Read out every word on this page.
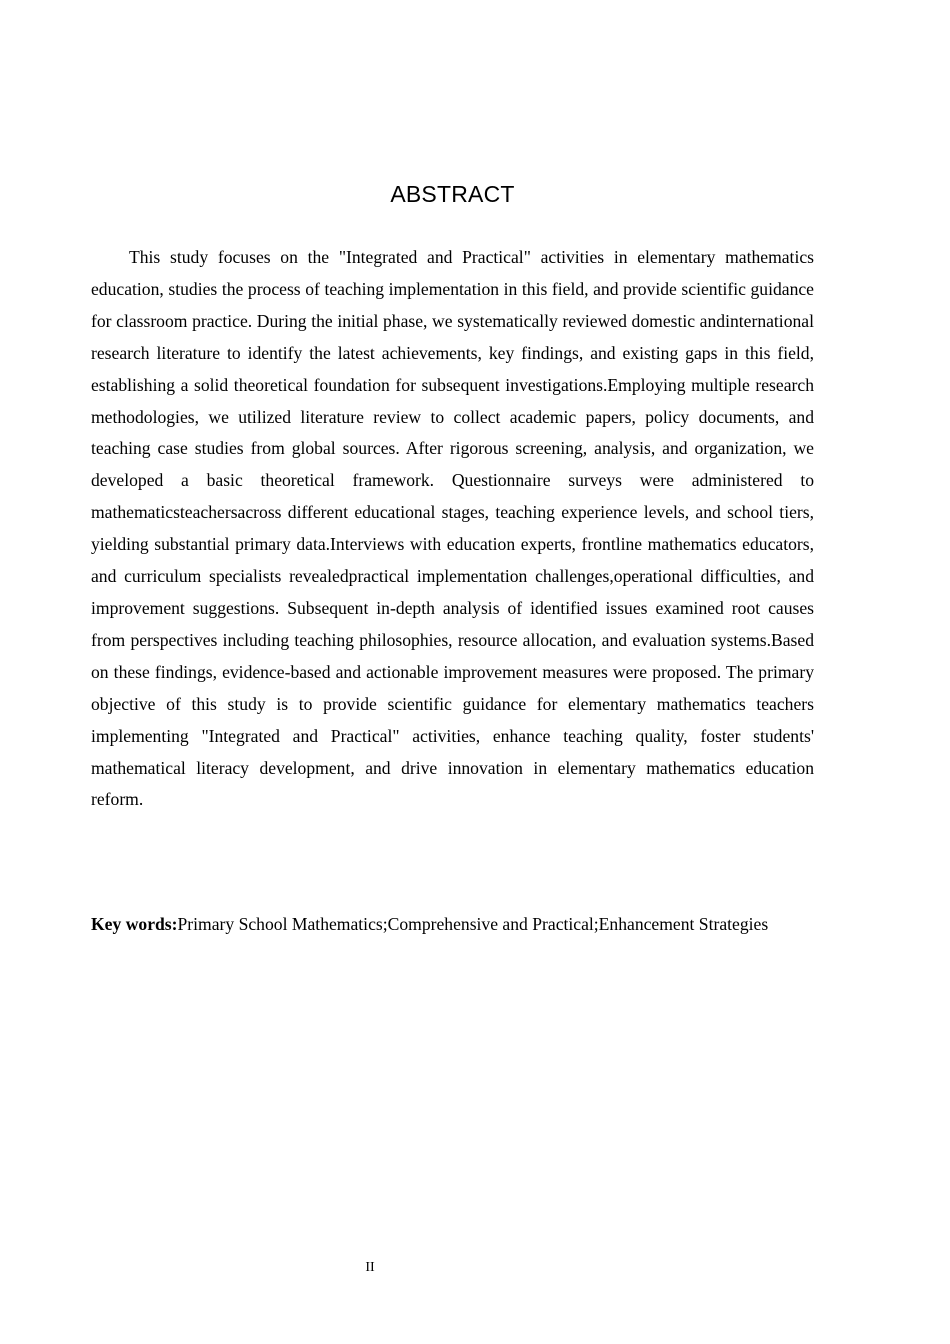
ABSTRACT

This study focuses on the "Integrated and Practical" activities in elementary mathematics education, studies the process of teaching implementation in this field, and provide scientific guidance for classroom practice. During the initial phase, we systematically reviewed domestic andinternational research literature to identify the latest achievements, key findings, and existing gaps in this field, establishing a solid theoretical foundation for subsequent investigations.Employing multiple research methodologies, we utilized literature review to collect academic papers, policy documents, and teaching case studies from global sources. After rigorous screening, analysis, and organization, we developed a basic theoretical framework. Questionnaire surveys were administered to mathematicsteachersacross different educational stages, teaching experience levels, and school tiers, yielding substantial primary data.Interviews with education experts, frontline mathematics educators, and curriculum specialists revealedpractical implementation challenges,operational difficulties, and improvement suggestions. Subsequent in-depth analysis of identified issues examined root causes from perspectives including teaching philosophies, resource allocation, and evaluation systems.Based on these findings, evidence-based and actionable improvement measures were proposed. The primary objective of this study is to provide scientific guidance for elementary mathematics teachers implementing "Integrated and Practical" activities, enhance teaching quality, foster students' mathematical literacy development, and drive innovation in elementary mathematics education reform.

Key words:Primary School Mathematics;Comprehensive and Practical;Enhancement Strategies

II
